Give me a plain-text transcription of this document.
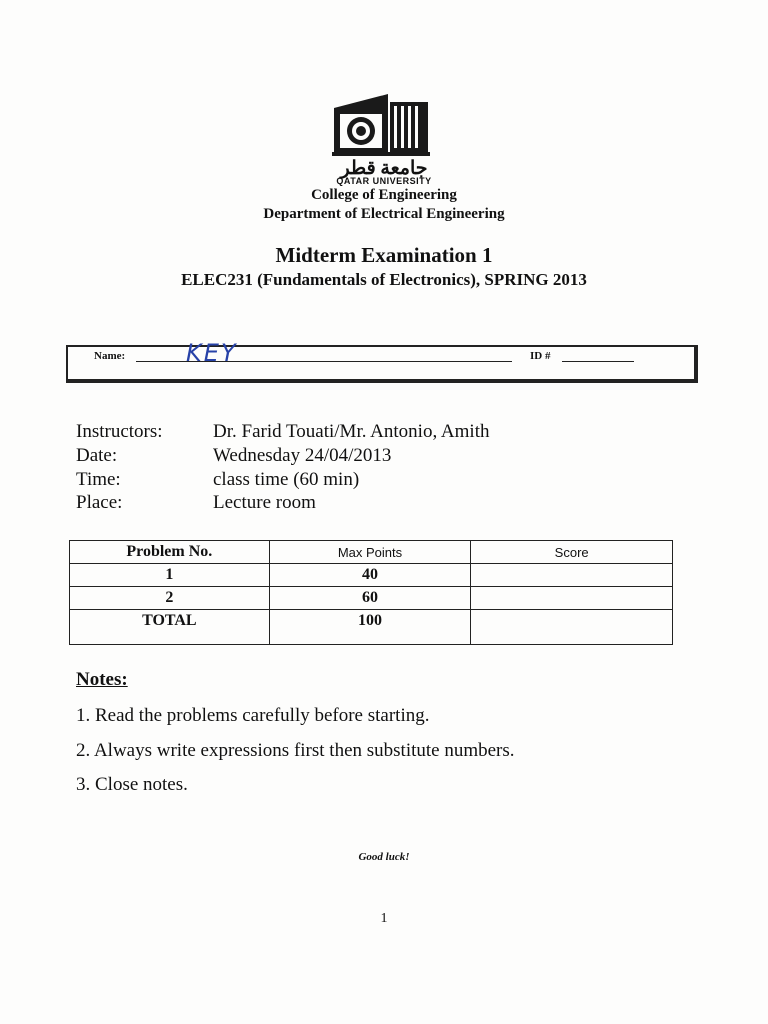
جامعة قطر
QATAR UNIVERSITY
College of Engineering
Department of Electrical Engineering
Midterm Examination 1
ELEC231 (Fundamentals of Electronics), SPRING 2013
Name:	KEY	ID #
Instructors:	Dr. Farid Touati/Mr. Antonio, Amith
Date:	Wednesday 24/04/2013
Time:	class time (60 min)
Place:	Lecture room
Problem No.	Max Points	Score
1	40	
2	60	
TOTAL	100	
Notes:
1. Read the problems carefully before starting.
2. Always write expressions first then substitute numbers.
3. Close notes.
Good luck!
1
